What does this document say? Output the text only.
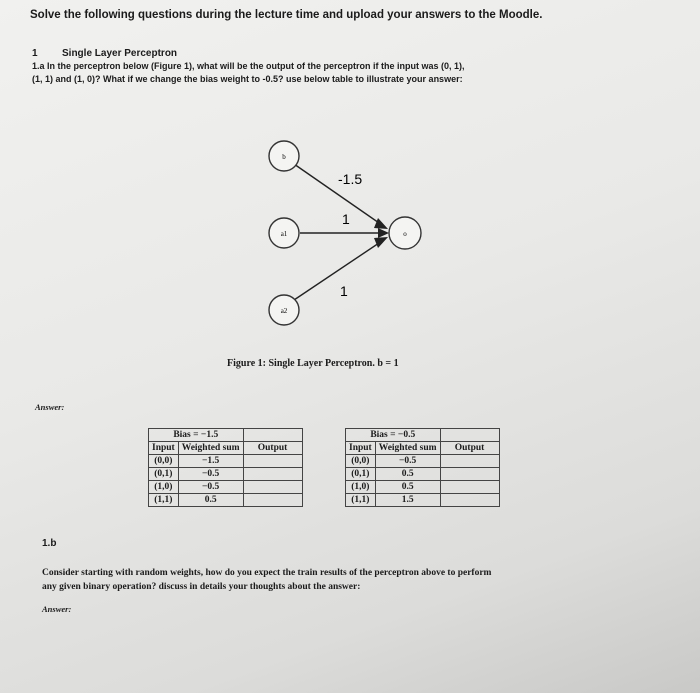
Solve the following questions during the lecture time and upload your answers to the Moodle.
1 Single Layer Perceptron
1.a In the perceptron below (Figure 1), what will be the output of the perceptron if the input was (0, 1),
(1, 1) and (1, 0)? What if we change the bias weight to -0.5? use below table to illustrate your answer:
b
a1
a2
o
-1.5
1
1
Figure 1: Single Layer Perceptron. b = 1
Answer:
Bias = −1.5		
Input	Weighted sum	Output
(0,0)	−1.5	
(0,1)	−0.5	
(1,0)	−0.5	
(1,1)	0.5	
Bias = −0.5		
Input	Weighted sum	Output
(0,0)	−0.5	
(0,1)	0.5	
(1,0)	0.5	
(1,1)	1.5	
1.b
Consider starting with random weights, how do you expect the train results of the perceptron above to perform
any given binary operation? discuss in details your thoughts about the answer:
Answer:
